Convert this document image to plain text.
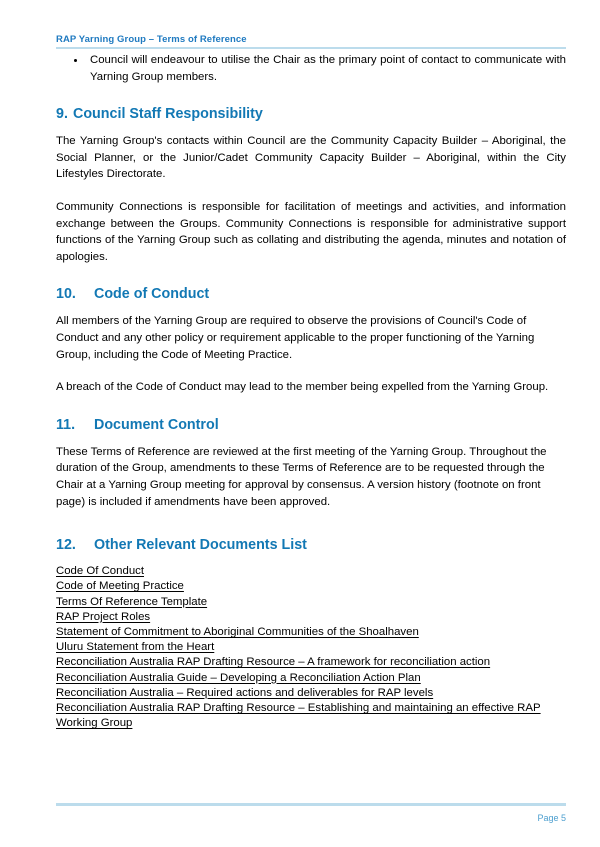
RAP Yarning Group – Terms of Reference
Council will endeavour to utilise the Chair as the primary point of contact to communicate with Yarning Group members.
9. Council Staff Responsibility

The Yarning Group's contacts within Council are the Community Capacity Builder – Aboriginal, the Social Planner, or the Junior/Cadet Community Capacity Builder – Aboriginal, within the City Lifestyles Directorate.

Community Connections is responsible for facilitation of meetings and activities, and information exchange between the Groups. Community Connections is responsible for administrative support functions of the Yarning Group such as collating and distributing the agenda, minutes and notation of apologies.

10. Code of Conduct

All members of the Yarning Group are required to observe the provisions of Council's Code of Conduct and any other policy or requirement applicable to the proper functioning of the Yarning Group, including the Code of Meeting Practice.

A breach of the Code of Conduct may lead to the member being expelled from the Yarning Group.

11. Document Control

These Terms of Reference are reviewed at the first meeting of the Yarning Group. Throughout the duration of the Group, amendments to these Terms of Reference are to be requested through the Chair at a Yarning Group meeting for approval by consensus. A version history (footnote on front page) is included if amendments have been approved.

12. Other Relevant Documents List
Code Of Conduct
Code of Meeting Practice
Terms Of Reference Template
RAP Project Roles
Statement of Commitment to Aboriginal Communities of the Shoalhaven
Uluru Statement from the Heart
Reconciliation Australia RAP Drafting Resource – A framework for reconciliation action
Reconciliation Australia Guide – Developing a Reconciliation Action Plan
Reconciliation Australia – Required actions and deliverables for RAP levels
Reconciliation Australia RAP Drafting Resource – Establishing and maintaining an effective RAP Working Group
Page 5
